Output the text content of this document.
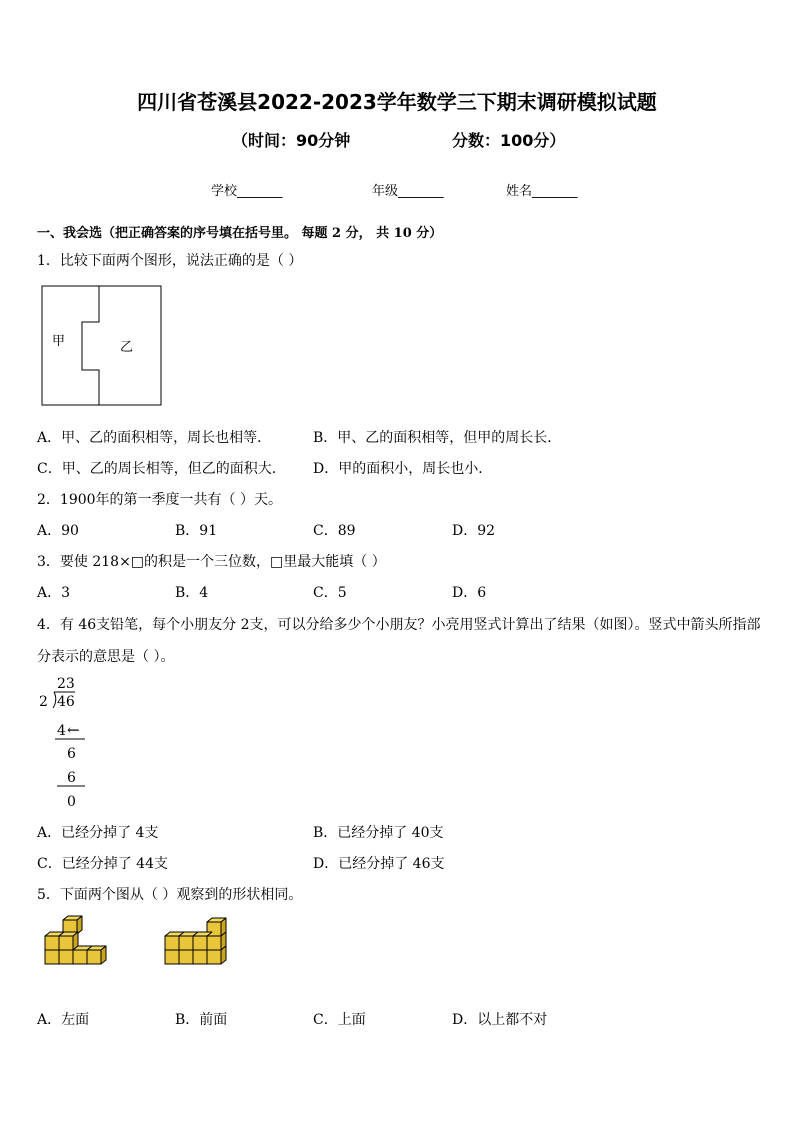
四川省苍溪县2022-2023学年数学三下期末调研模拟试题
（时间：90分钟	分数：100分）
学校_______	年级_______	姓名_______
一、我会选（把正确答案的序号填在括号里。 每题 2 分， 共 10 分）
1．比较下面两个图形，说法正确的是（ ）
甲	乙
A．甲、乙的面积相等，周长也相等．	B．甲、乙的面积相等，但甲的周长长．
C．甲、乙的周长相等，但乙的面积大． D．甲的面积小，周长也小．
2．1900年的第一季度一共有（ ）天。
A．90	B．91	C．89	D．92
3．要使 218×□的积是一个三位数，□里最大能填（ ）
A．3	B．4	C．5	D．6
4．有 46支铅笔，每个小朋友分 2支，可以分给多少个小朋友？小亮用竖式计算出了结果（如图）。竖式中箭头所指部
分表示的意思是（ ）。
23
2 46
4 ←
6
6
0
A．已经分掉了 4支	B．已经分掉了 40支
C．已经分掉了 44支	D．已经分掉了 46支
5．下面两个图从（ ）观察到的形状相同。
A．左面	B．前面	C．上面	D．以上都不对
